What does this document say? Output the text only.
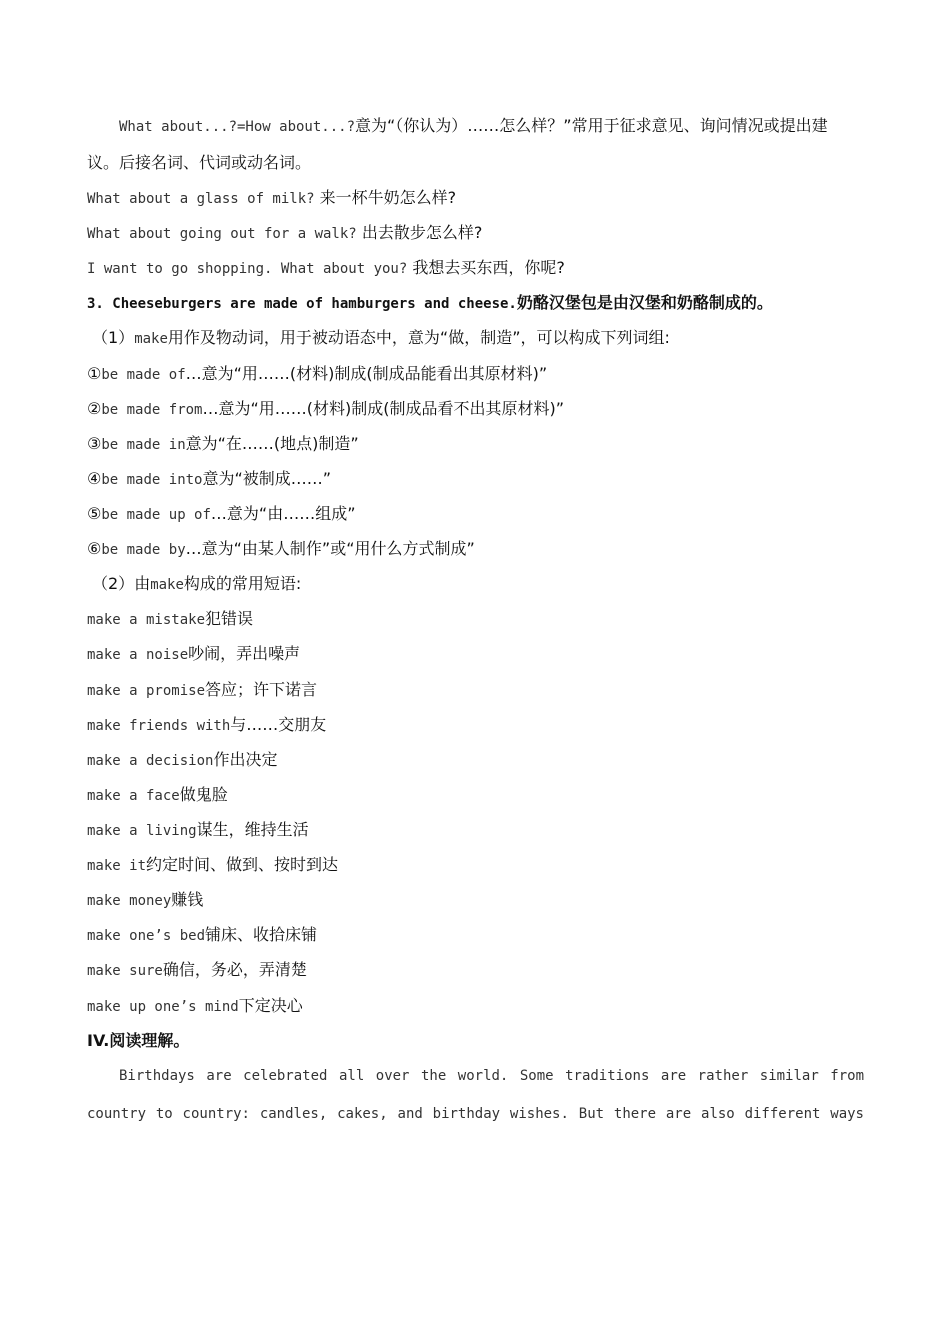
What about...?=How about...?意为“（你认为）……怎么样？”常用于征求意见、询问情况或提出建
议。后接名词、代词或动名词。
What about a glass of milk? 来一杯牛奶怎么样?
What about going out for a walk? 出去散步怎么样?
I want to go shopping. What about you? 我想去买东西，你呢?
3. Cheeseburgers are made of hamburgers and cheese.奶酪汉堡包是由汉堡和奶酪制成的。
（1）make用作及物动词，用于被动语态中，意为“做，制造”，可以构成下列词组:
①be made of…意为“用……(材料)制成(制成品能看出其原材料)”
②be made from…意为“用……(材料)制成(制成品看不出其原材料)”
③be made in意为“在……(地点)制造”
④be made into意为“被制成……”
⑤be made up of…意为“由……组成”
⑥be made by…意为“由某人制作”或“用什么方式制成”
（2）由make构成的常用短语:
make a mistake犯错误
make a noise吵闹，弄出噪声
make a promise答应；许下诺言
make friends with与……交朋友
make a decision作出决定
make a face做鬼脸
make a living谋生，维持生活
make it约定时间、做到、按时到达
make money赚钱
make one’s bed铺床、收拾床铺
make sure确信，务必，弄清楚
make up one’s mind下定决心
IV.阅读理解。
Birthdays are celebrated all over the world. Some traditions are rather similar from
country to country: candles, cakes, and birthday wishes. But there are also different ways
